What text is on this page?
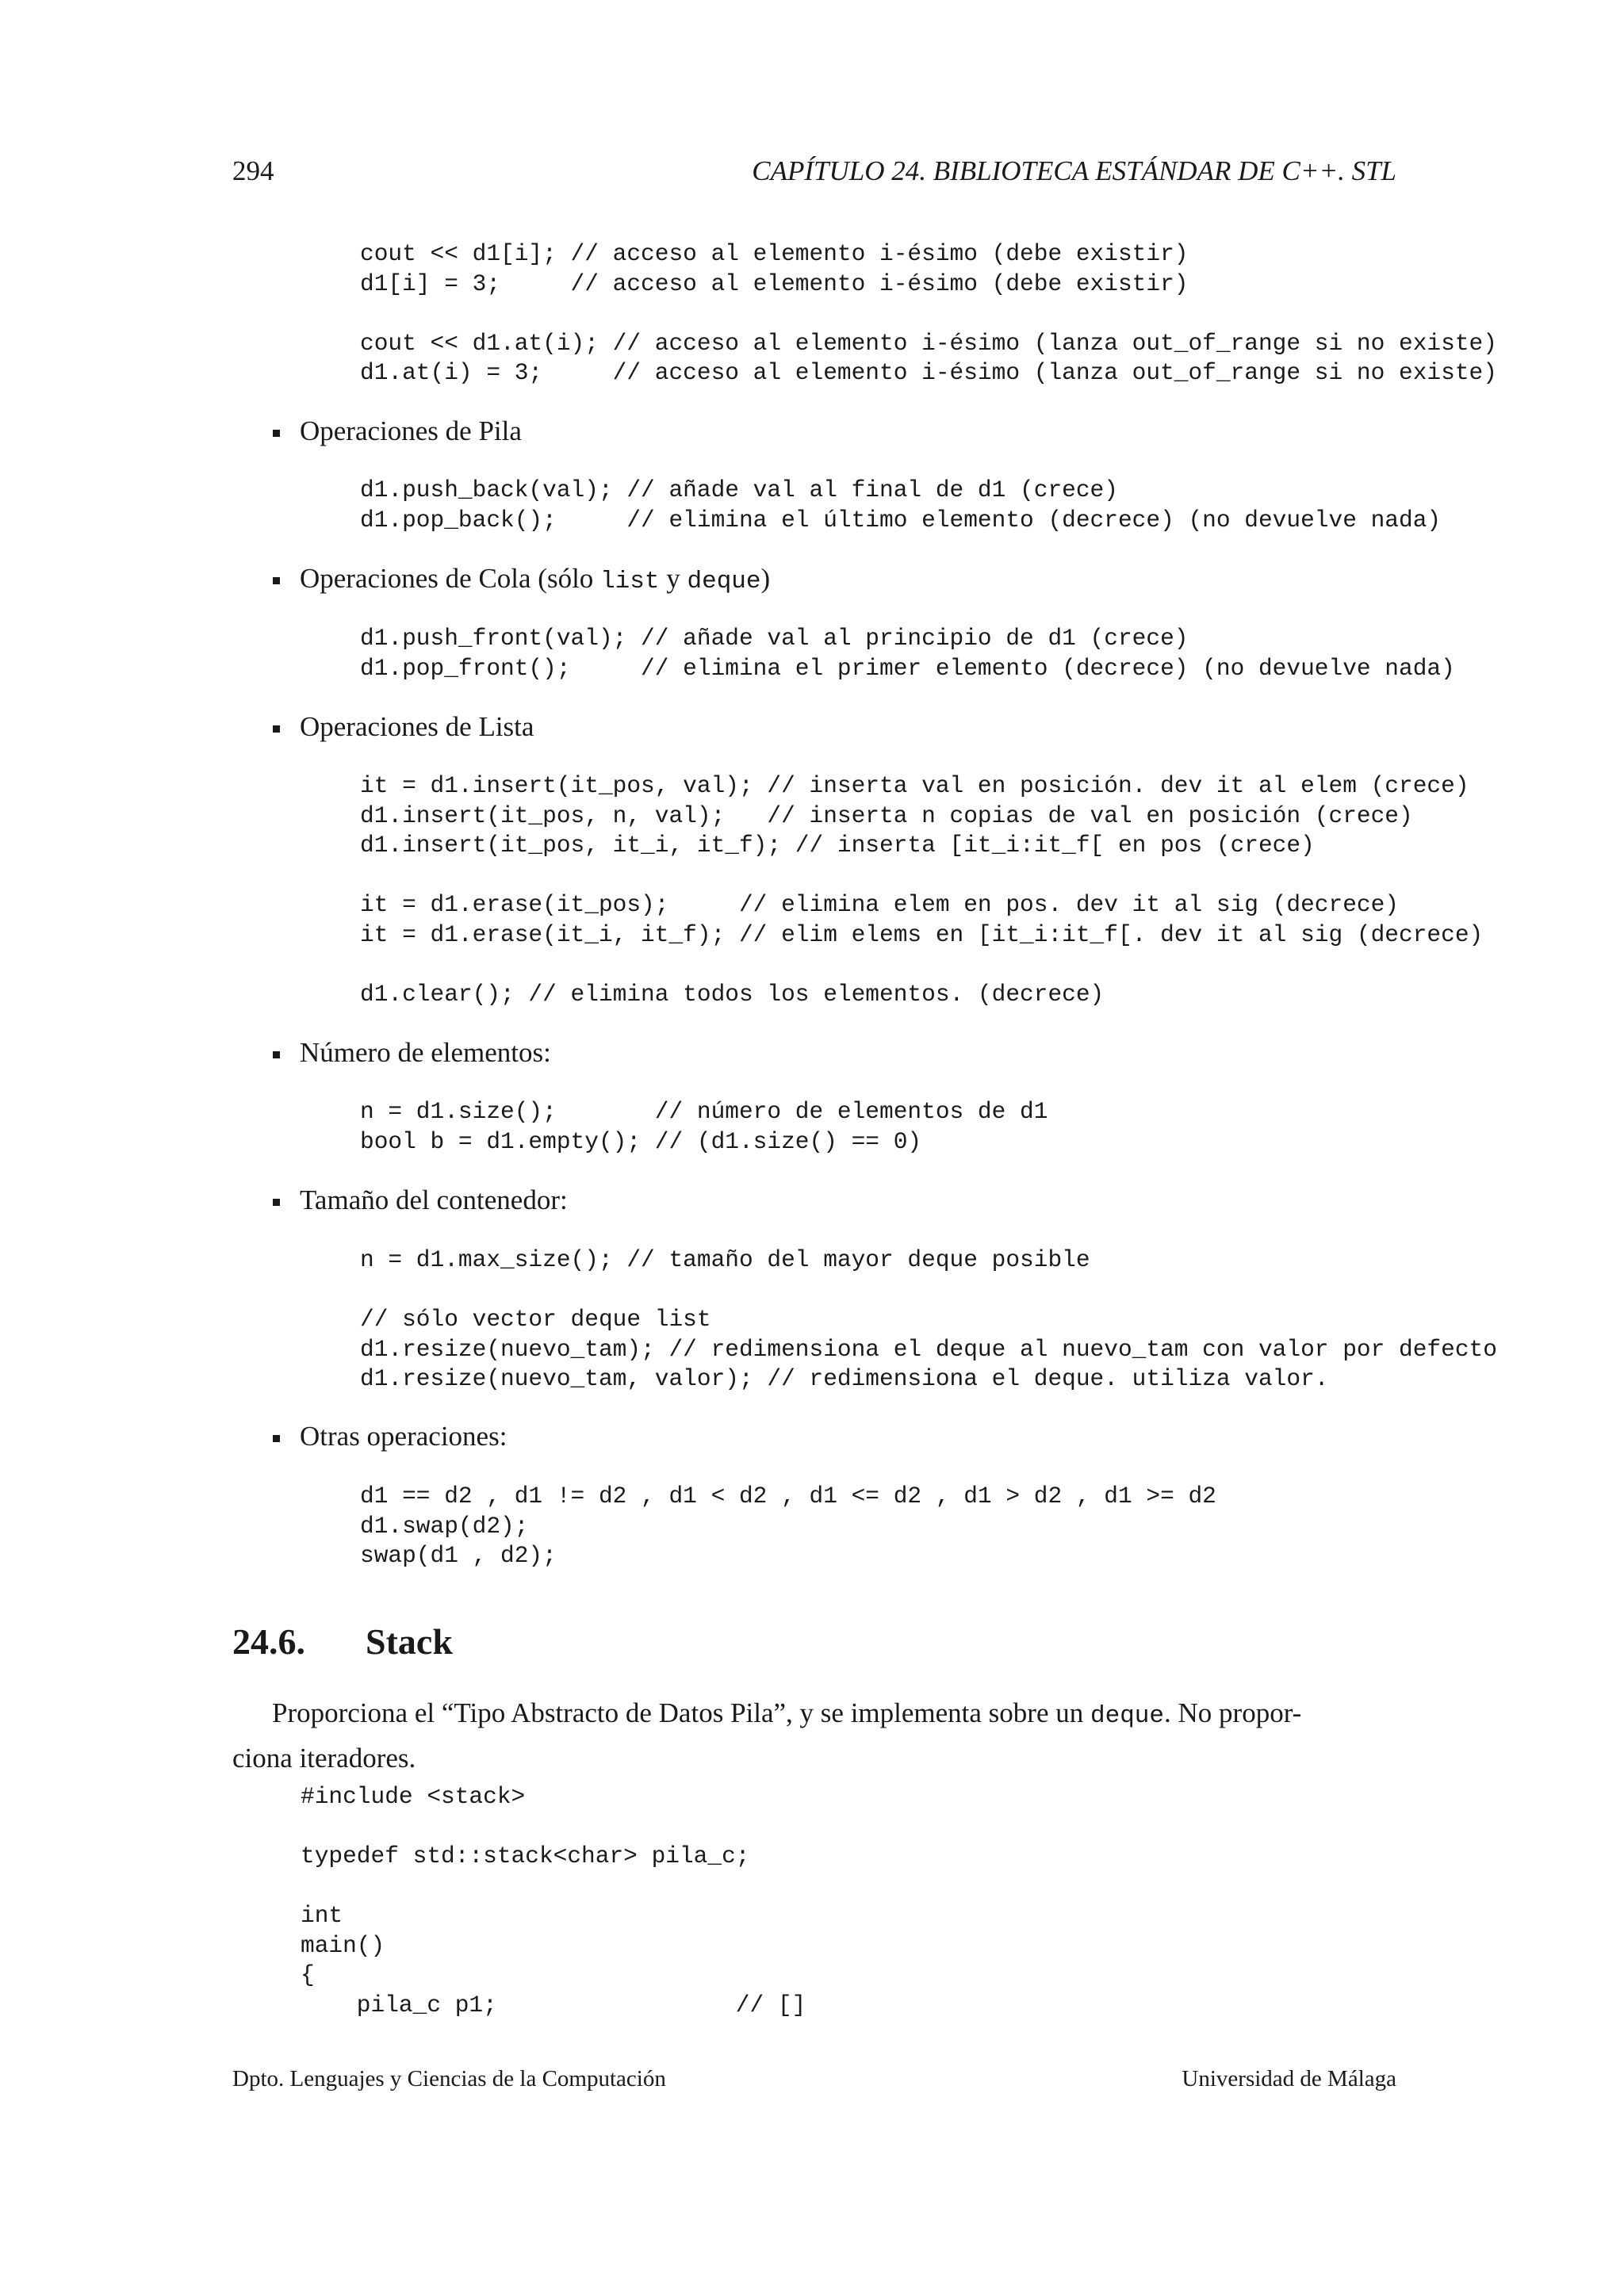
294	CAPÍTULO 24. BIBLIOTECA ESTÁNDAR DE C++. STL
cout << d1[i]; // acceso al elemento i-ésimo (debe existir)
d1[i] = 3;     // acceso al elemento i-ésimo (debe existir)
cout << d1.at(i); // acceso al elemento i-ésimo (lanza out_of_range si no existe)
d1.at(i) = 3;     // acceso al elemento i-ésimo (lanza out_of_range si no existe)
Operaciones de Pila
d1.push_back(val); // añade val al final de d1 (crece)
d1.pop_back();     // elimina el último elemento (decrece) (no devuelve nada)
Operaciones de Cola (sólo list y deque)
d1.push_front(val); // añade val al principio de d1 (crece)
d1.pop_front();     // elimina el primer elemento (decrece) (no devuelve nada)
Operaciones de Lista
it = d1.insert(it_pos, val); // inserta val en posición. dev it al elem (crece)
d1.insert(it_pos, n, val);   // inserta n copias de val en posición (crece)
d1.insert(it_pos, it_i, it_f); // inserta [it_i:it_f[ en pos (crece)
it = d1.erase(it_pos);     // elimina elem en pos. dev it al sig (decrece)
it = d1.erase(it_i, it_f); // elim elems en [it_i:it_f[. dev it al sig (decrece)
d1.clear(); // elimina todos los elementos. (decrece)
Número de elementos:
n = d1.size();       // número de elementos de d1
bool b = d1.empty(); // (d1.size() == 0)
Tamaño del contenedor:
n = d1.max_size(); // tamaño del mayor deque posible
// sólo vector deque list
d1.resize(nuevo_tam); // redimensiona el deque al nuevo_tam con valor por defecto
d1.resize(nuevo_tam, valor); // redimensiona el deque. utiliza valor.
Otras operaciones:
d1 == d2 , d1 != d2 , d1 < d2 , d1 <= d2 , d1 > d2 , d1 >= d2
d1.swap(d2);
swap(d1 , d2);
24.6. Stack
Proporciona el “Tipo Abstracto de Datos Pila”, y se implementa sobre un deque. No propor-
ciona iteradores.
#include <stack>
typedef std::stack<char> pila_c;
int
main()
{
pila_c p1;                 // []
Dpto. Lenguajes y Ciencias de la Computación	Universidad de Málaga
